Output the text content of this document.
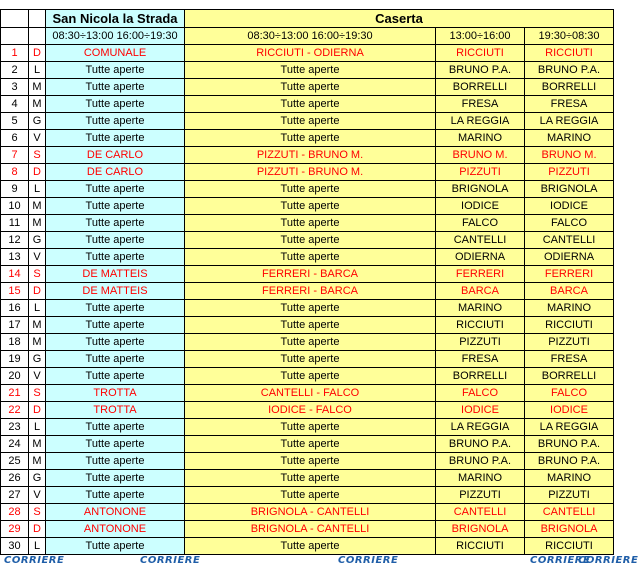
		San Nicola la Strada	Caserta		
		08:30÷13:00 16:00÷19:30	08:30÷13:00 16:00÷19:30	13:00÷16:00	19:30÷08:30
1	D	COMUNALE	RICCIUTI - ODIERNA	RICCIUTI	RICCIUTI
2	L	Tutte aperte	Tutte aperte	BRUNO P.A.	BRUNO P.A.
3	M	Tutte aperte	Tutte aperte	BORRELLI	BORRELLI
4	M	Tutte aperte	Tutte aperte	FRESA	FRESA
5	G	Tutte aperte	Tutte aperte	LA REGGIA	LA REGGIA
6	V	Tutte aperte	Tutte aperte	MARINO	MARINO
7	S	DE CARLO	PIZZUTI - BRUNO M.	BRUNO M.	BRUNO M.
8	D	DE CARLO	PIZZUTI - BRUNO M.	PIZZUTI	PIZZUTI
9	L	Tutte aperte	Tutte aperte	BRIGNOLA	BRIGNOLA
10	M	Tutte aperte	Tutte aperte	IODICE	IODICE
11	M	Tutte aperte	Tutte aperte	FALCO	FALCO
12	G	Tutte aperte	Tutte aperte	CANTELLI	CANTELLI
13	V	Tutte aperte	Tutte aperte	ODIERNA	ODIERNA
14	S	DE MATTEIS	FERRERI - BARCA	FERRERI	FERRERI
15	D	DE MATTEIS	FERRERI - BARCA	BARCA	BARCA
16	L	Tutte aperte	Tutte aperte	MARINO	MARINO
17	M	Tutte aperte	Tutte aperte	RICCIUTI	RICCIUTI
18	M	Tutte aperte	Tutte aperte	PIZZUTI	PIZZUTI
19	G	Tutte aperte	Tutte aperte	FRESA	FRESA
20	V	Tutte aperte	Tutte aperte	BORRELLI	BORRELLI
21	S	TROTTA	CANTELLI - FALCO	FALCO	FALCO
22	D	TROTTA	IODICE - FALCO	IODICE	IODICE
23	L	Tutte aperte	Tutte aperte	LA REGGIA	LA REGGIA
24	M	Tutte aperte	Tutte aperte	BRUNO P.A.	BRUNO P.A.
25	M	Tutte aperte	Tutte aperte	BRUNO P.A.	BRUNO P.A.
26	G	Tutte aperte	Tutte aperte	MARINO	MARINO
27	V	Tutte aperte	Tutte aperte	PIZZUTI	PIZZUTI
28	S	ANTONONE	BRIGNOLA - CANTELLI	CANTELLI	CANTELLI
29	D	ANTONONE	BRIGNOLA - CANTELLI	BRIGNOLA	BRIGNOLA
30	L	Tutte aperte	Tutte aperte	RICCIUTI	RICCIUTI
CORRIERE	CORRIERE	CORRIERE	CORRIERE
CORRIERE
